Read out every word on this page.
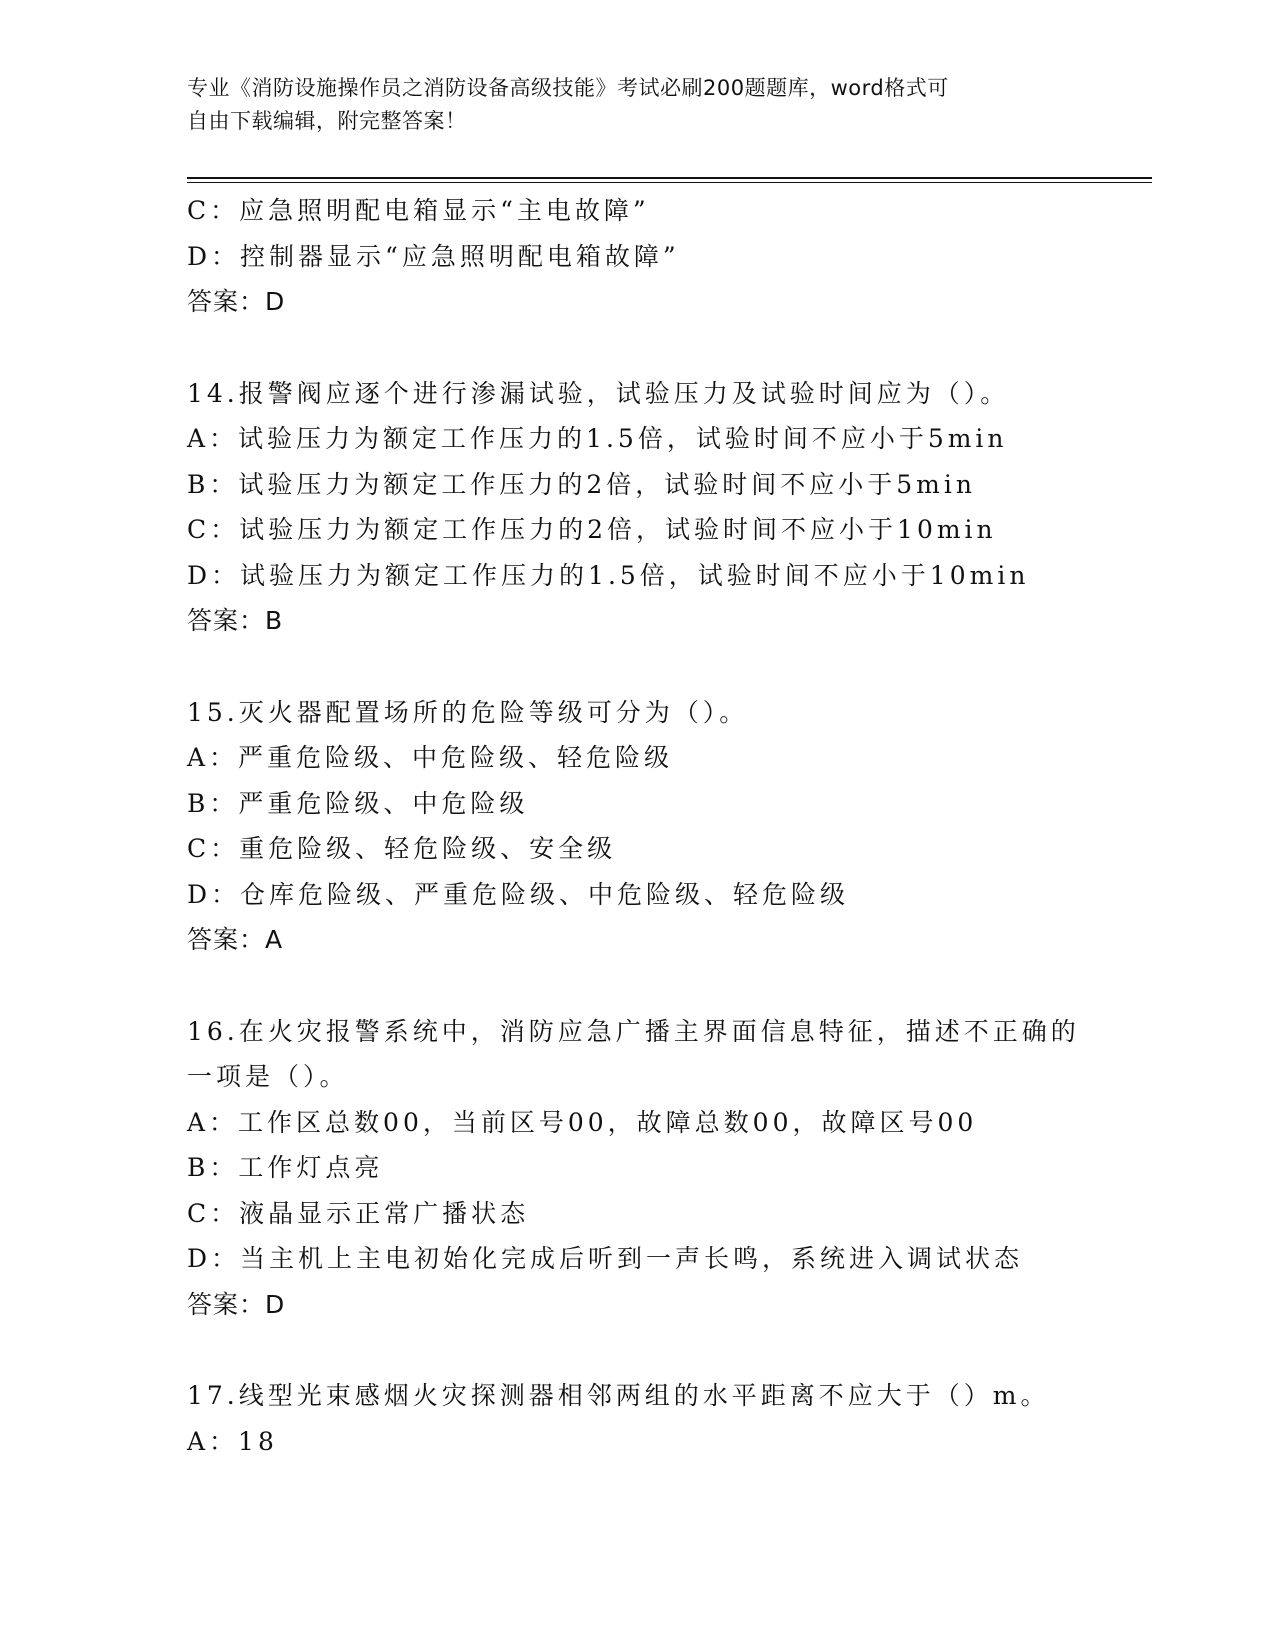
专业《消防设施操作员之消防设备高级技能》考试必刷200题题库，word格式可
自由下载编辑，附完整答案！
C：应急照明配电箱显示“主电故障”
D：控制器显示“应急照明配电箱故障”
答案：D
14.报警阀应逐个进行渗漏试验，试验压力及试验时间应为（）。
A：试验压力为额定工作压力的1.5倍，试验时间不应小于5min
B：试验压力为额定工作压力的2倍，试验时间不应小于5min
C：试验压力为额定工作压力的2倍，试验时间不应小于10min
D：试验压力为额定工作压力的1.5倍，试验时间不应小于10min
答案：B
15.灭火器配置场所的危险等级可分为（）。
A：严重危险级、中危险级、轻危险级
B：严重危险级、中危险级
C：重危险级、轻危险级、安全级
D：仓库危险级、严重危险级、中危险级、轻危险级
答案：A
16.在火灾报警系统中，消防应急广播主界面信息特征，描述不正确的
一项是（）。
A：工作区总数00，当前区号00，故障总数00，故障区号00
B：工作灯点亮
C：液晶显示正常广播状态
D：当主机上主电初始化完成后听到一声长鸣，系统进入调试状态
答案：D
17.线型光束感烟火灾探测器相邻两组的水平距离不应大于（）m。
A：18
